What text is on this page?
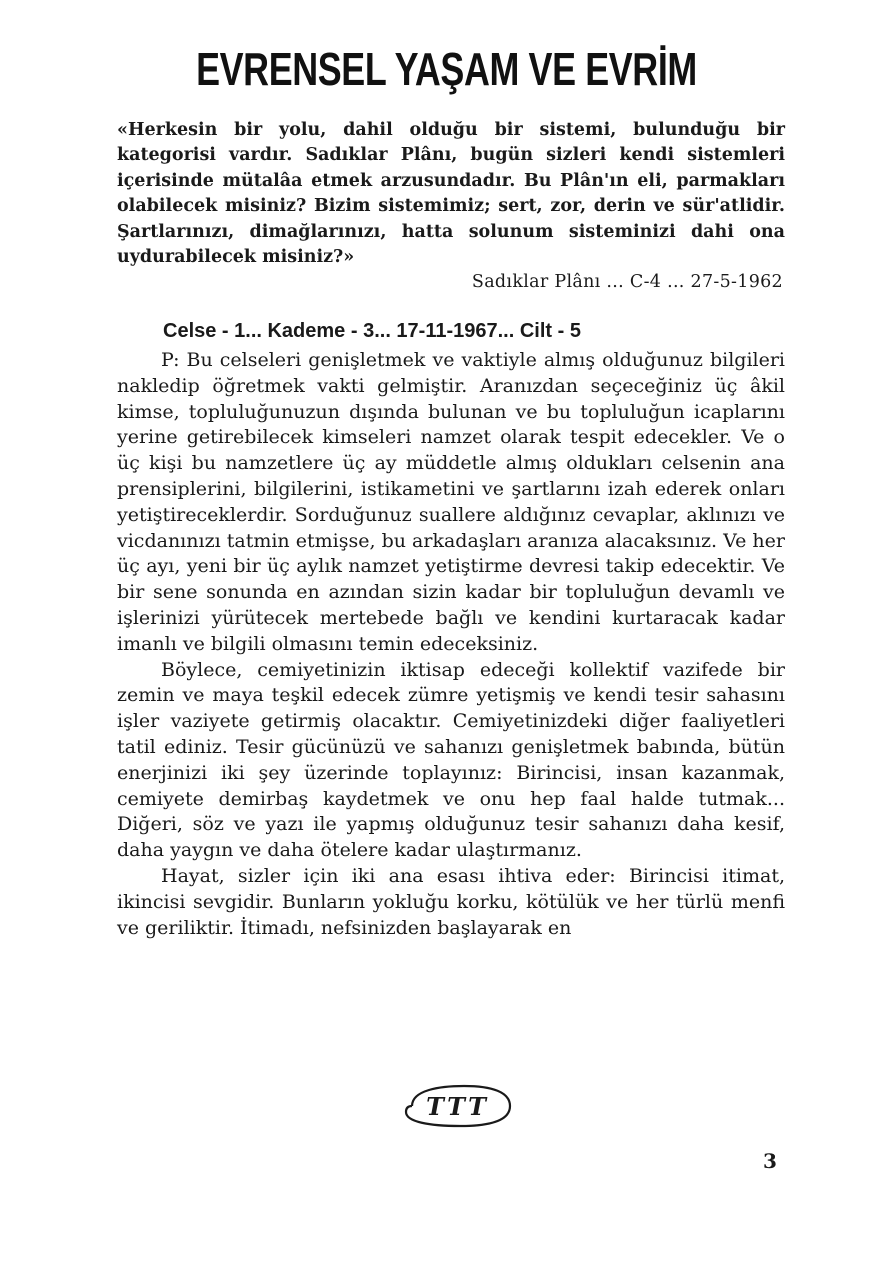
EVRENSEL YAŞAM VE EVRİM

«Herkesin bir yolu, dahil olduğu bir sistemi, bulunduğu bir kategorisi vardır. Sadıklar Plânı, bugün sizleri kendi sistemleri içerisinde mütalâa etmek arzusundadır. Bu Plân'ın eli, parmakları olabilecek misiniz? Bizim sistemimiz; sert, zor, derin ve sür'atlidir. Şartlarınızı, dimağlarınızı, hatta solunum sisteminizi dahi ona uydurabilecek misiniz?»

Sadıklar Plânı ... C-4 ... 27-5-1962

Celse - 1... Kademe - 3... 17-11-1967... Cilt - 5

P: Bu celseleri genişletmek ve vaktiyle almış olduğunuz bilgileri nakledip öğretmek vakti gelmiştir. Aranızdan seçeceğiniz üç âkil kimse, topluluğunuzun dışında bulunan ve bu topluluğun icaplarını yerine getirebilecek kimseleri namzet olarak tespit edecekler. Ve o üç kişi bu namzetlere üç ay müddetle almış oldukları celsenin ana prensiplerini, bilgilerini, istikametini ve şartlarını izah ederek onları yetiştireceklerdir. Sorduğunuz suallere aldığınız cevaplar, aklınızı ve vicdanınızı tatmin etmişse, bu arkadaşları aranıza alacaksınız. Ve her üç ayı, yeni bir üç aylık namzet yetiştirme devresi takip edecektir. Ve bir sene sonunda en azından sizin kadar bir topluluğun devamlı ve işlerinizi yürütecek mertebede bağlı ve kendini kurtaracak kadar imanlı ve bilgili olmasını temin edeceksiniz.

Böylece, cemiyetinizin iktisap edeceği kollektif vazifede bir zemin ve maya teşkil edecek zümre yetişmiş ve kendi tesir sahasını işler vaziyete getirmiş olacaktır. Cemiyetinizdeki diğer faaliyetleri tatil ediniz. Tesir gücünüzü ve sahanızı genişletmek babında, bütün enerjinizi iki şey üzerinde toplayınız: Birincisi, insan kazanmak, cemiyete demirbaş kaydetmek ve onu hep faal halde tutmak... Diğeri, söz ve yazı ile yapmış olduğunuz tesir sahanızı daha kesif, daha yaygın ve daha ötelere kadar ulaştırmanız.

Hayat, sizler için iki ana esası ihtiva eder: Birincisi itimat, ikincisi sevgidir. Bunların yokluğu korku, kötülük ve her türlü menfi ve geriliktir. İtimadı, nefsinizden başlayarak en

TTT

3
